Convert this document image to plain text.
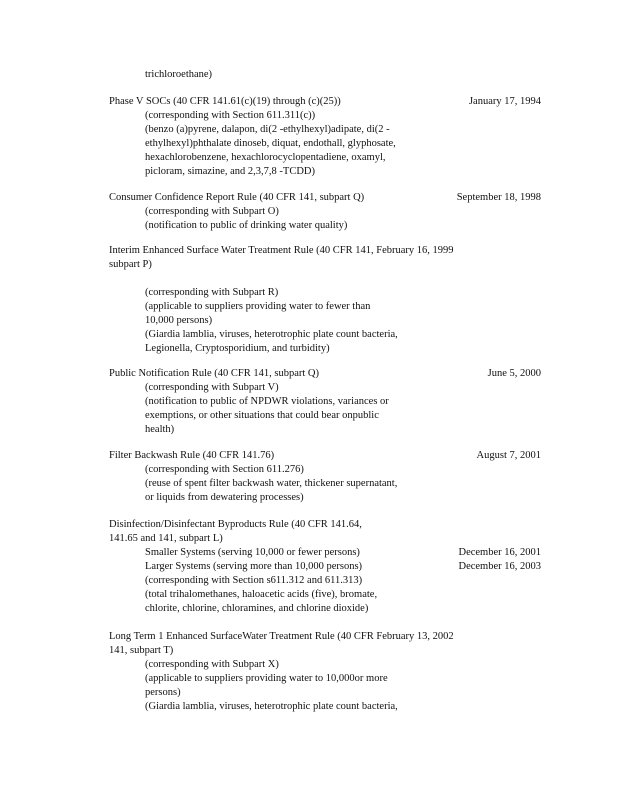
trichloroethane)
Phase V SOCs (40 CFR 141.61(c)(19) through (c)(25))	January 17, 1994
(corresponding with Section 611.311(c))
(benzo (a)pyrene, dalapon, di(2 -ethylhexyl)adipate, di(2 -
ethylhexyl)phthalate dinoseb, diquat, endothall, glyphosate,
hexachlorobenzene, hexachlorocyclopentadiene, oxamyl,
picloram, simazine, and 2,3,7,8 -TCDD)
Consumer Confidence Report Rule (40 CFR 141, subpart Q)	September 18, 1998
(corresponding with Subpart O)
(notification to public of drinking water quality)
Interim Enhanced Surface Water Treatment Rule (40 CFR 141, February 16, 1999
subpart P)
(corresponding with Subpart R)
(applicable to suppliers providing water to fewer than
10,000 persons)
(Giardia lamblia, viruses, heterotrophic plate count bacteria,
Legionella, Cryptosporidium, and turbidity)
Public Notification Rule (40 CFR 141, subpart Q)	June 5, 2000
(corresponding with Subpart V)
(notification to public of NPDWR violations, variances or
exemptions, or other situations that could bear onpublic
health)
Filter Backwash Rule (40 CFR 141.76)	August 7, 2001
(corresponding with Section 611.276)
(reuse of spent filter backwash water, thickener supernatant,
or liquids from dewatering processes)
Disinfection/Disinfectant Byproducts Rule (40 CFR 141.64,
141.65 and 141, subpart L)
Smaller Systems (serving 10,000 or fewer persons)	December 16, 2001
Larger Systems (serving more than 10,000 persons)	December 16, 2003
(corresponding with Section s611.312 and 611.313)
(total trihalomethanes, haloacetic acids (five), bromate,
chlorite, chlorine, chloramines, and chlorine dioxide)
Long Term 1 Enhanced SurfaceWater Treatment Rule (40 CFR February 13, 2002
141, subpart T)
(corresponding with Subpart X)
(applicable to suppliers providing water to 10,000or more
persons)
(Giardia lamblia, viruses, heterotrophic plate count bacteria,
